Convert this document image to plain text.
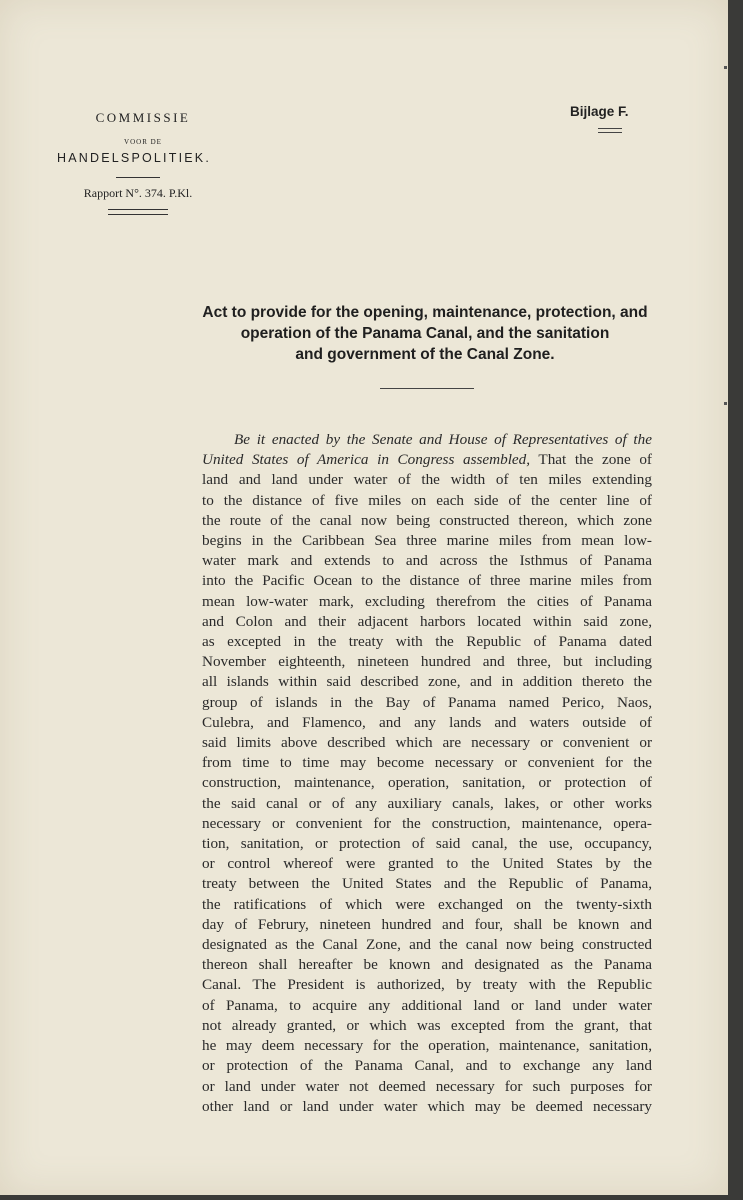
COMMISSIE
VOOR DE
HANDELSPOLITIEK.
Rapport N°. 374. P.Kl.
Bijlage F.
Act to provide for the opening, maintenance, protection, and
operation of the Panama Canal, and the sanitation
and government of the Canal Zone.
Be it enacted by the Senate and House of Representatives of the
United States of America in Congress assembled, That the zone of
land and land under water of the width of ten miles extending
to the distance of five miles on each side of the center line of
the route of the canal now being constructed thereon, which zone
begins in the Caribbean Sea three marine miles from mean low-
water mark and extends to and across the Isthmus of Panama
into the Pacific Ocean to the distance of three marine miles from
mean low-water mark, excluding therefrom the cities of Panama
and Colon and their adjacent harbors located within said zone,
as excepted in the treaty with the Republic of Panama dated
November eighteenth, nineteen hundred and three, but including
all islands within said described zone, and in addition thereto the
group of islands in the Bay of Panama named Perico, Naos,
Culebra, and Flamenco, and any lands and waters outside of
said limits above described which are necessary or convenient or
from time to time may become necessary or convenient for the
construction, maintenance, operation, sanitation, or protection of
the said canal or of any auxiliary canals, lakes, or other works
necessary or convenient for the construction, maintenance, opera-
tion, sanitation, or protection of said canal, the use, occupancy,
or control whereof were granted to the United States by the
treaty between the United States and the Republic of Panama,
the ratifications of which were exchanged on the twenty-sixth
day of Februry, nineteen hundred and four, shall be known and
designated as the Canal Zone, and the canal now being constructed
thereon shall hereafter be known and designated as the Panama
Canal. The President is authorized, by treaty with the Republic
of Panama, to acquire any additional land or land under water
not already granted, or which was excepted from the grant, that
he may deem necessary for the operation, maintenance, sanitation,
or protection of the Panama Canal, and to exchange any land
or land under water not deemed necessary for such purposes for
other land or land under water which may be deemed necessary
